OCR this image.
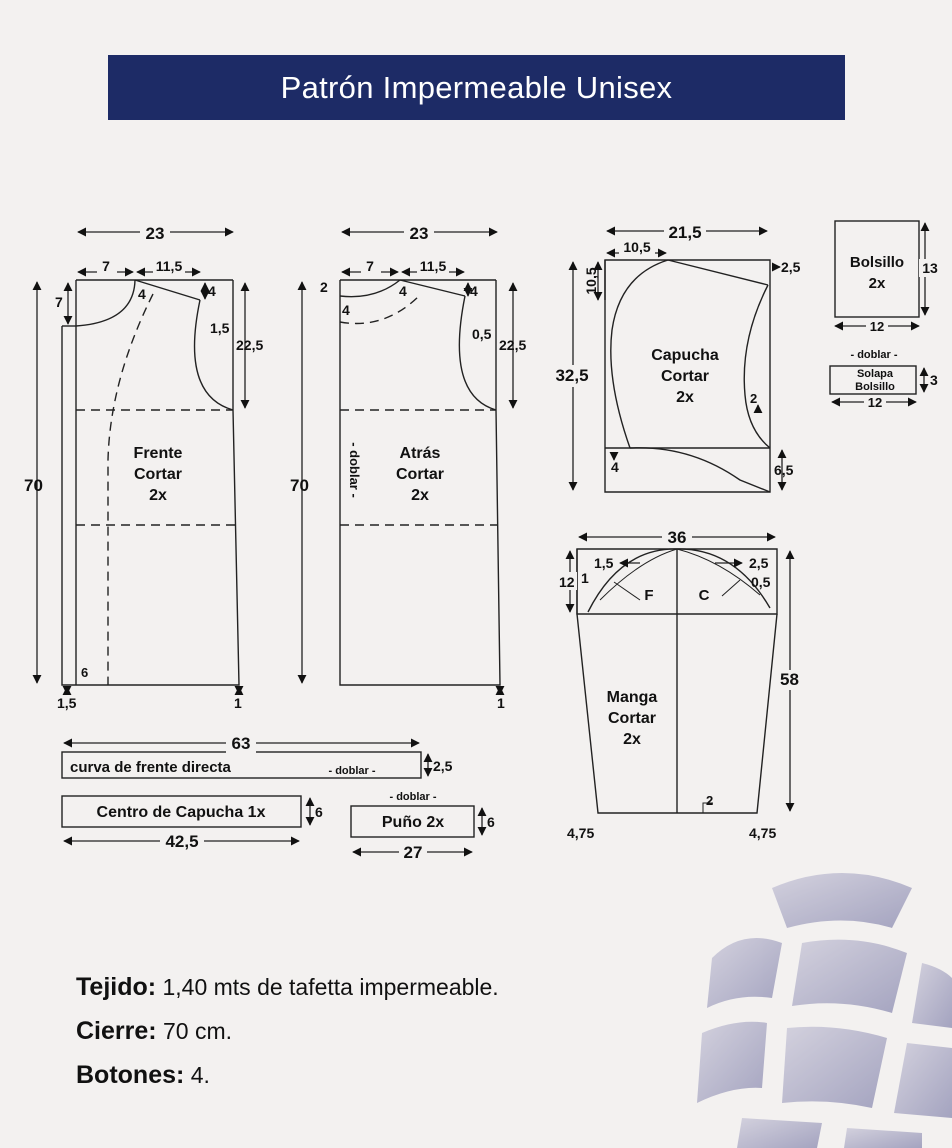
Patrón Impermeable Unisex
Frente
Cortar
2x
23
7	11,5
7	4	4
1,5
22,5
70
6
1,5	1
Atrás
Cortar
2x
- doblar -
23
7	11,5
2	4	4
4
0,5
22,5
70
1
Capucha
Cortar
2x
21,5
10,5
10,5
2,5
32,5
2
4	6,5
Bolsillo
2x
12
13
- doblar -
Solapa
Bolsillo
12
3
Manga
Cortar
2x
F	C
36
1,5
1
12
2,5
0,5
58
2
4,75	4,75
63
curva de frente directa	- doblar -	2,5
Centro de Capucha 1x	6
42,5
- doblar -
Puño 2x	6
27
Tejido: 1,40 mts de tafetta impermeable.
Cierre: 70 cm.
Botones: 4.
